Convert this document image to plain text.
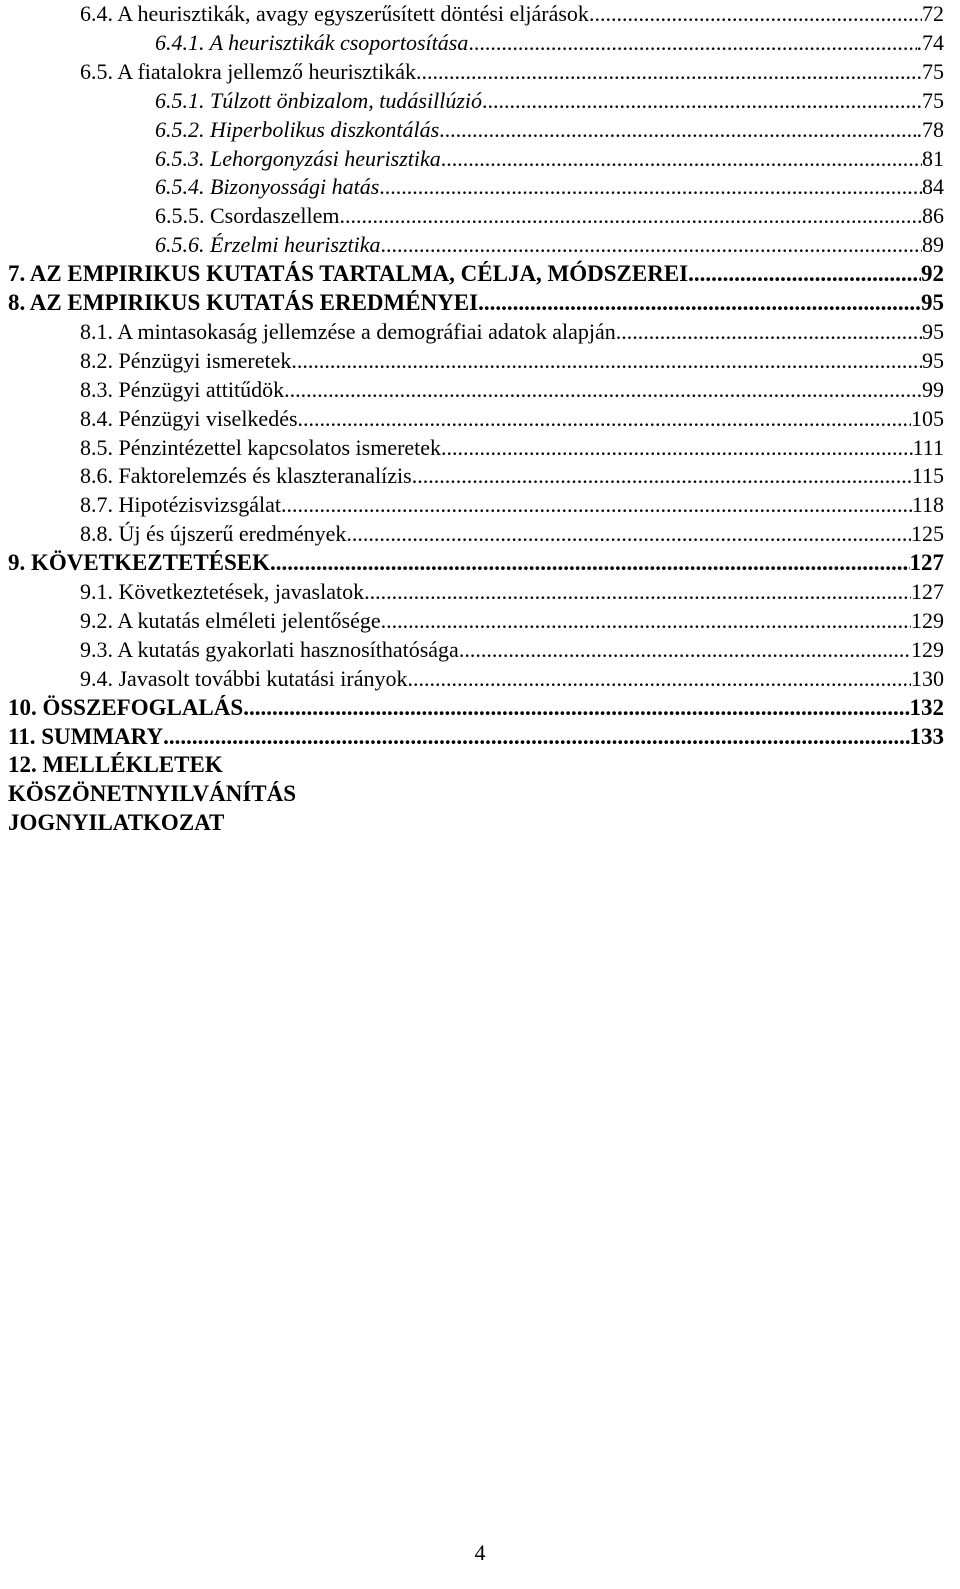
6.4. A heurisztikák, avagy egyszerűsített döntési eljárások .....	72
6.4.1. A heurisztikák csoportosítása .....	.74
6.5. A fiatalokra jellemző heurisztikák .....	75
6.5.1. Túlzott önbizalom, tudásillúzió .....	.75
6.5.2. Hiperbolikus diszkontálás .....	.78
6.5.3. Lehorgonyzási heurisztika .....	81
6.5.4. Bizonyossági hatás .....	84
6.5.5. Csordaszellem .....	86
6.5.6. Érzelmi heurisztika .....	89
7. AZ EMPIRIKUS KUTATÁS TARTALMA, CÉLJA, MÓDSZEREI .....	92
8. AZ EMPIRIKUS KUTATÁS EREDMÉNYEI .....	95
8.1. A mintasokaság jellemzése a demográfiai adatok alapján .....	95
8.2. Pénzügyi ismeretek .....	95
8.3. Pénzügyi attitűdök .....	99
8.4. Pénzügyi viselkedés .....	105
8.5. Pénzintézettel kapcsolatos ismeretek .....	111
8.6. Faktorelemzés és klaszteranalízis .....	115
8.7. Hipotézisvizsgálat .....	118
8.8. Új és újszerű eredmények .....	125
9. KÖVETKEZTETÉSEK .....	127
9.1. Következtetések, javaslatok .....	127
9.2. A kutatás elméleti jelentősége .....	129
9.3. A kutatás gyakorlati hasznosíthatósága .....	129
9.4. Javasolt további kutatási irányok .....	130
10. ÖSSZEFOGLALÁS .....	132
11. SUMMARY .....	133
12. MELLÉKLETEK
KÖSZÖNETNYILVÁNÍTÁS
JOGNYILATKOZAT
4
